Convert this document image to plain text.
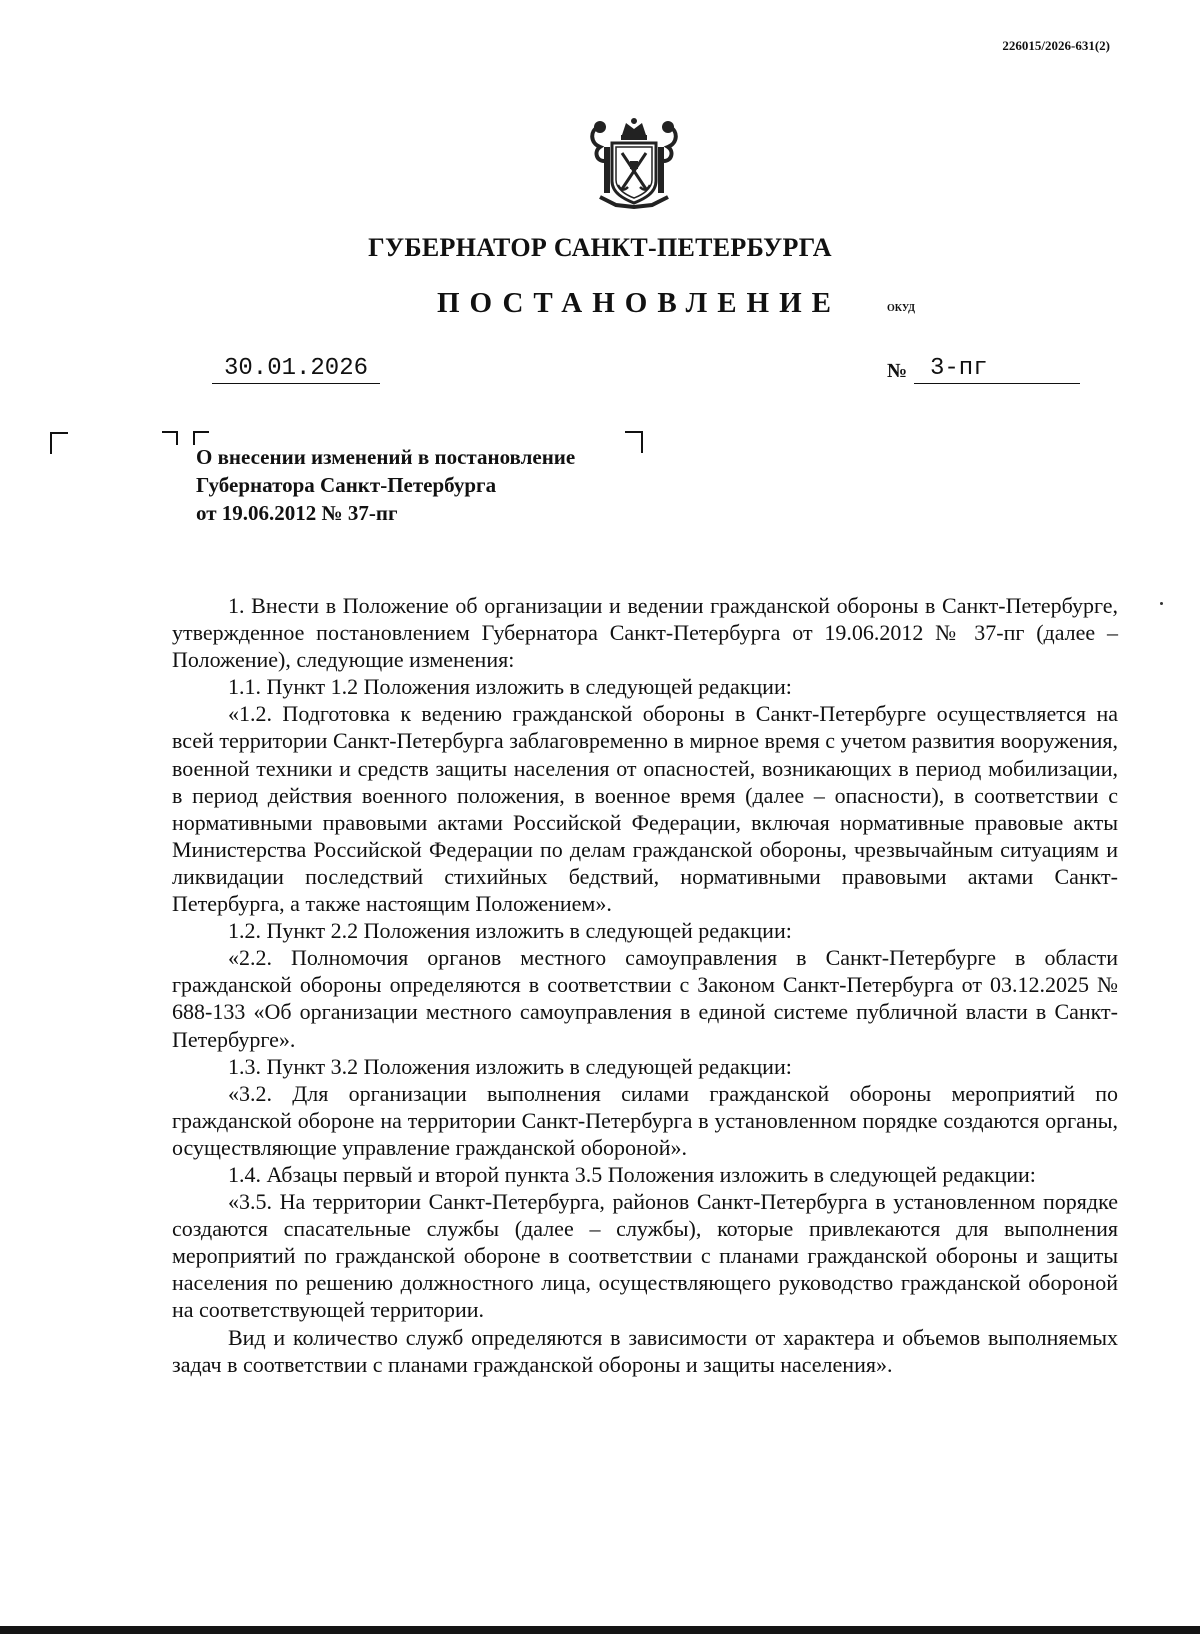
226015/2026-631(2)
ГУБЕРНАТОР САНКТ-ПЕТЕРБУРГА
ПОСТАНОВЛЕНИЕ	ОКУД
30.01.2026	№ 3-пг
О внесении изменений в постановление
Губернатора Санкт-Петербурга
от 19.06.2012 № 37-пг

1. Внести в Положение об организации и ведении гражданской обороны в Санкт-Петербурге, утвержденное постановлением Губернатора Санкт-Петербурга от 19.06.2012 № 37-пг (далее – Положение), следующие изменения:

1.1. Пункт 1.2 Положения изложить в следующей редакции:

«1.2. Подготовка к ведению гражданской обороны в Санкт-Петербурге осуществляется на всей территории Санкт-Петербурга заблаговременно в мирное время с учетом развития вооружения, военной техники и средств защиты населения от опасностей, возникающих в период мобилизации, в период действия военного положения, в военное время (далее – опасности), в соответствии с нормативными правовыми актами Российской Федерации, включая нормативные правовые акты Министерства Российской Федерации по делам гражданской обороны, чрезвычайным ситуациям и ликвидации последствий стихийных бедствий, нормативными правовыми актами Санкт-Петербурга, а также настоящим Положением».

1.2. Пункт 2.2 Положения изложить в следующей редакции:

«2.2. Полномочия органов местного самоуправления в Санкт-Петербурге в области гражданской обороны определяются в соответствии с Законом Санкт-Петербурга от 03.12.2025 № 688-133 «Об организации местного самоуправления в единой системе публичной власти в Санкт-Петербурге».

1.3. Пункт 3.2 Положения изложить в следующей редакции:

«3.2. Для организации выполнения силами гражданской обороны мероприятий по гражданской обороне на территории Санкт-Петербурга в установленном порядке создаются органы, осуществляющие управление гражданской обороной».

1.4. Абзацы первый и второй пункта 3.5 Положения изложить в следующей редакции:

«3.5. На территории Санкт-Петербурга, районов Санкт-Петербурга в установленном порядке создаются спасательные службы (далее – службы), которые привлекаются для выполнения мероприятий по гражданской обороне в соответствии с планами гражданской обороны и защиты населения по решению должностного лица, осуществляющего руководство гражданской обороной на соответствующей территории.

Вид и количество служб определяются в зависимости от характера и объемов выполняемых задач в соответствии с планами гражданской обороны и защиты населения».
